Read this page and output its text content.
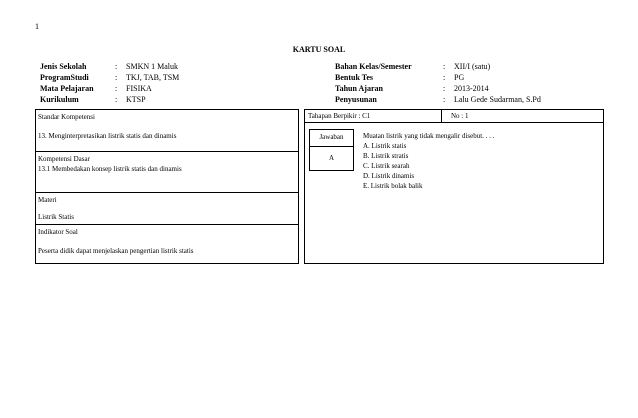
1
KARTU SOAL
Jenis Sekolah	: SMKN 1 Maluk
ProgramStudi	: TKJ, TAB, TSM
Mata Pelajaran	: FISIKA
Kurikulum	: KTSP
Bahan Kelas/Semester	: XII/I (satu)
Bentuk Tes	: PG
Tahun Ajaran	: 2013-2014
Penyusunan	: Lalu Gede Sudarman, S.Pd
Standar Kompetensi
13. Menginterpretasikan listrik statis dan dinamis
Kompetensi Dasar
13.1 Membedakan konsep listrik statis dan dinamis
Materi
Listrik Statis
Indikator Soal
Peserta didik dapat menjelaskan pengertian listrik statis
Tahapan Berpikir : C1	No : 1
Jawaban
A
Muatan listrik yang tidak mengalir disebut. . . .
A. Listrik statis
B. Listrik stratis
C. Listrik searah
D. Listrik dinamis
E. Listrik bolak balik
